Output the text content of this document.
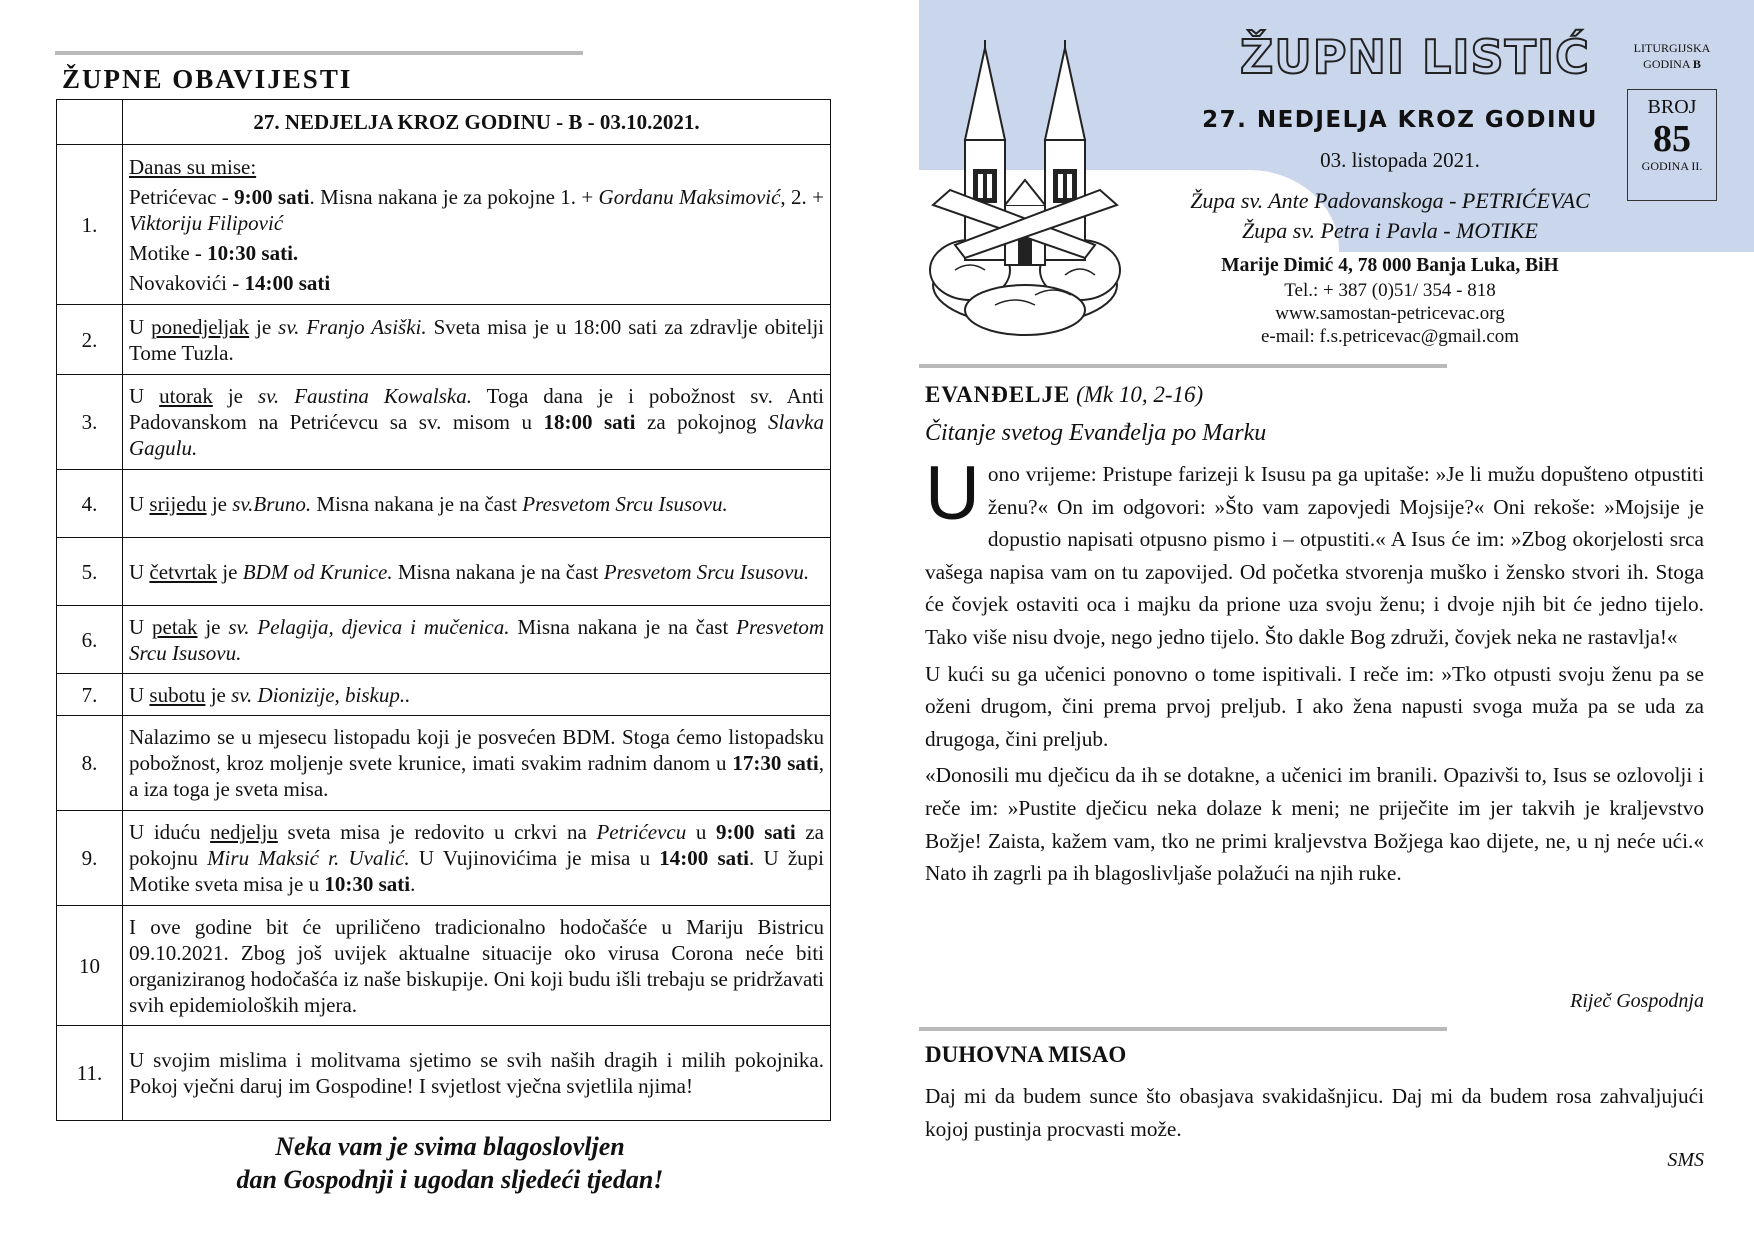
ŽUPNE OBAVIJESTI
	27. NEDJELJA KROZ GODINU - B - 03.10.2021.
1.	Danas su mise:
Petrićevac - 9:00 sati. Misna nakana je za pokojne 1. + Gordanu Maksimović, 2. + Viktoriju Filipović
Motike - 10:30 sati.
Novakovići - 14:00 sati

2.	U ponedjeljak je sv. Franjo Asiški. Sveta misa je u 18:00 sati za zdravlje obitelji Tome Tuzla.
3.	U utorak je sv. Faustina Kowalska. Toga dana je i pobožnost sv. Anti Padovanskom na Petrićevcu sa sv. misom u 18:00 sati za pokojnog Slavka Gagulu.
4.	U srijedu je sv.Bruno. Misna nakana je na čast Presvetom Srcu Isusovu.
5.	U četvrtak je BDM od Krunice. Misna nakana je na čast Presvetom Srcu Isusovu.
6.	U petak je sv. Pelagija, djevica i mučenica. Misna nakana je na čast Presvetom Srcu Isusovu.
7.	U subotu je sv. Dionizije, biskup..
8.	Nalazimo se u mjesecu listopadu koji je posvećen BDM. Stoga ćemo listopadsku pobožnost, kroz moljenje svete krunice, imati svakim radnim danom u 17:30 sati, a iza toga je sveta misa.
9.	U iduću nedjelju sveta misa je redovito u crkvi na Petrićevcu u 9:00 sati za pokojnu Miru Maksić r. Uvalić. U Vujinovićima je misa u 14:00 sati. U župi Motike sveta misa je u 10:30 sati.
10	I ove godine bit će upriličeno tradicionalno hodočašće u Mariju Bistricu 09.10.2021. Zbog još uvijek aktualne situacije oko virusa Corona neće biti organiziranog hodočašća iz naše biskupije. Oni koji budu išli trebaju se pridržavati svih epidemioloških mjera.
11.	U svojim mislima i molitvama sjetimo se svih naših dragih i milih pokojnika. Pokoj vječni daruj im Gospodine! I svjetlost vječna svjetlila njima!
Neka vam je svima blagoslovljen
dan Gospodnji i ugodan sljedeći tjedan!
ŽUPNI LISTIĆ
27. NEDJELJA KROZ GODINU
03. listopada 2021.
Župa sv. Ante Padovanskoga - PETRIĆEVAC
Župa sv. Petra i Pavla - MOTIKE
Marije Dimić 4, 78 000 Banja Luka, BiH
Tel.: + 387 (0)51/ 354 - 818
www.samostan-petricevac.org
e-mail: f.s.petricevac@gmail.com
LITURGIJSKA
GODINA B
BROJ
85
GODINA II.
EVANĐELJE (Mk 10, 2-16)
Čitanje svetog Evanđelja po Marku

Uono vrijeme: Pristupe farizeji k Isusu pa ga upitaše: »Je li mužu dopušteno otpustiti ženu?« On im odgovori: »Što vam zapovjedi Mojsije?« Oni rekoše: »Mojsije je dopustio napisati otpusno pismo i – otpustiti.« A Isus će im: »Zbog okorjelosti srca vašega napisa vam on tu zapovijed. Od početka stvorenja muško i žensko stvori ih. Stoga će čovjek ostaviti oca i majku da prione uza svoju ženu; i dvoje njih bit će jedno tijelo. Tako više nisu dvoje, nego jedno tijelo. Što dakle Bog združi, čovjek neka ne rastavlja!«

U kući su ga učenici ponovno o tome ispitivali. I reče im: »Tko otpusti svoju ženu pa se oženi drugom, čini prema prvoj preljub. I ako žena napusti svoga muža pa se uda za drugoga, čini preljub.

«Donosili mu dječicu da ih se dotakne, a učenici im branili. Opazivši to, Isus se ozlovolji i reče im: »Pustite dječicu neka dolaze k meni; ne priječite im jer takvih je kraljevstvo Božje! Zaista, kažem vam, tko ne primi kraljevstva Božjega kao dijete, ne, u nj neće ući.« Nato ih zagrli pa ih blagoslivljaše polažući na njih ruke.

Riječ Gospodnja
DUHOVNA MISAO
Daj mi da budem sunce što obasjava svakidašnjicu. Daj mi da budem rosa zahvaljujući kojoj pustinja procvasti može.
SMS
